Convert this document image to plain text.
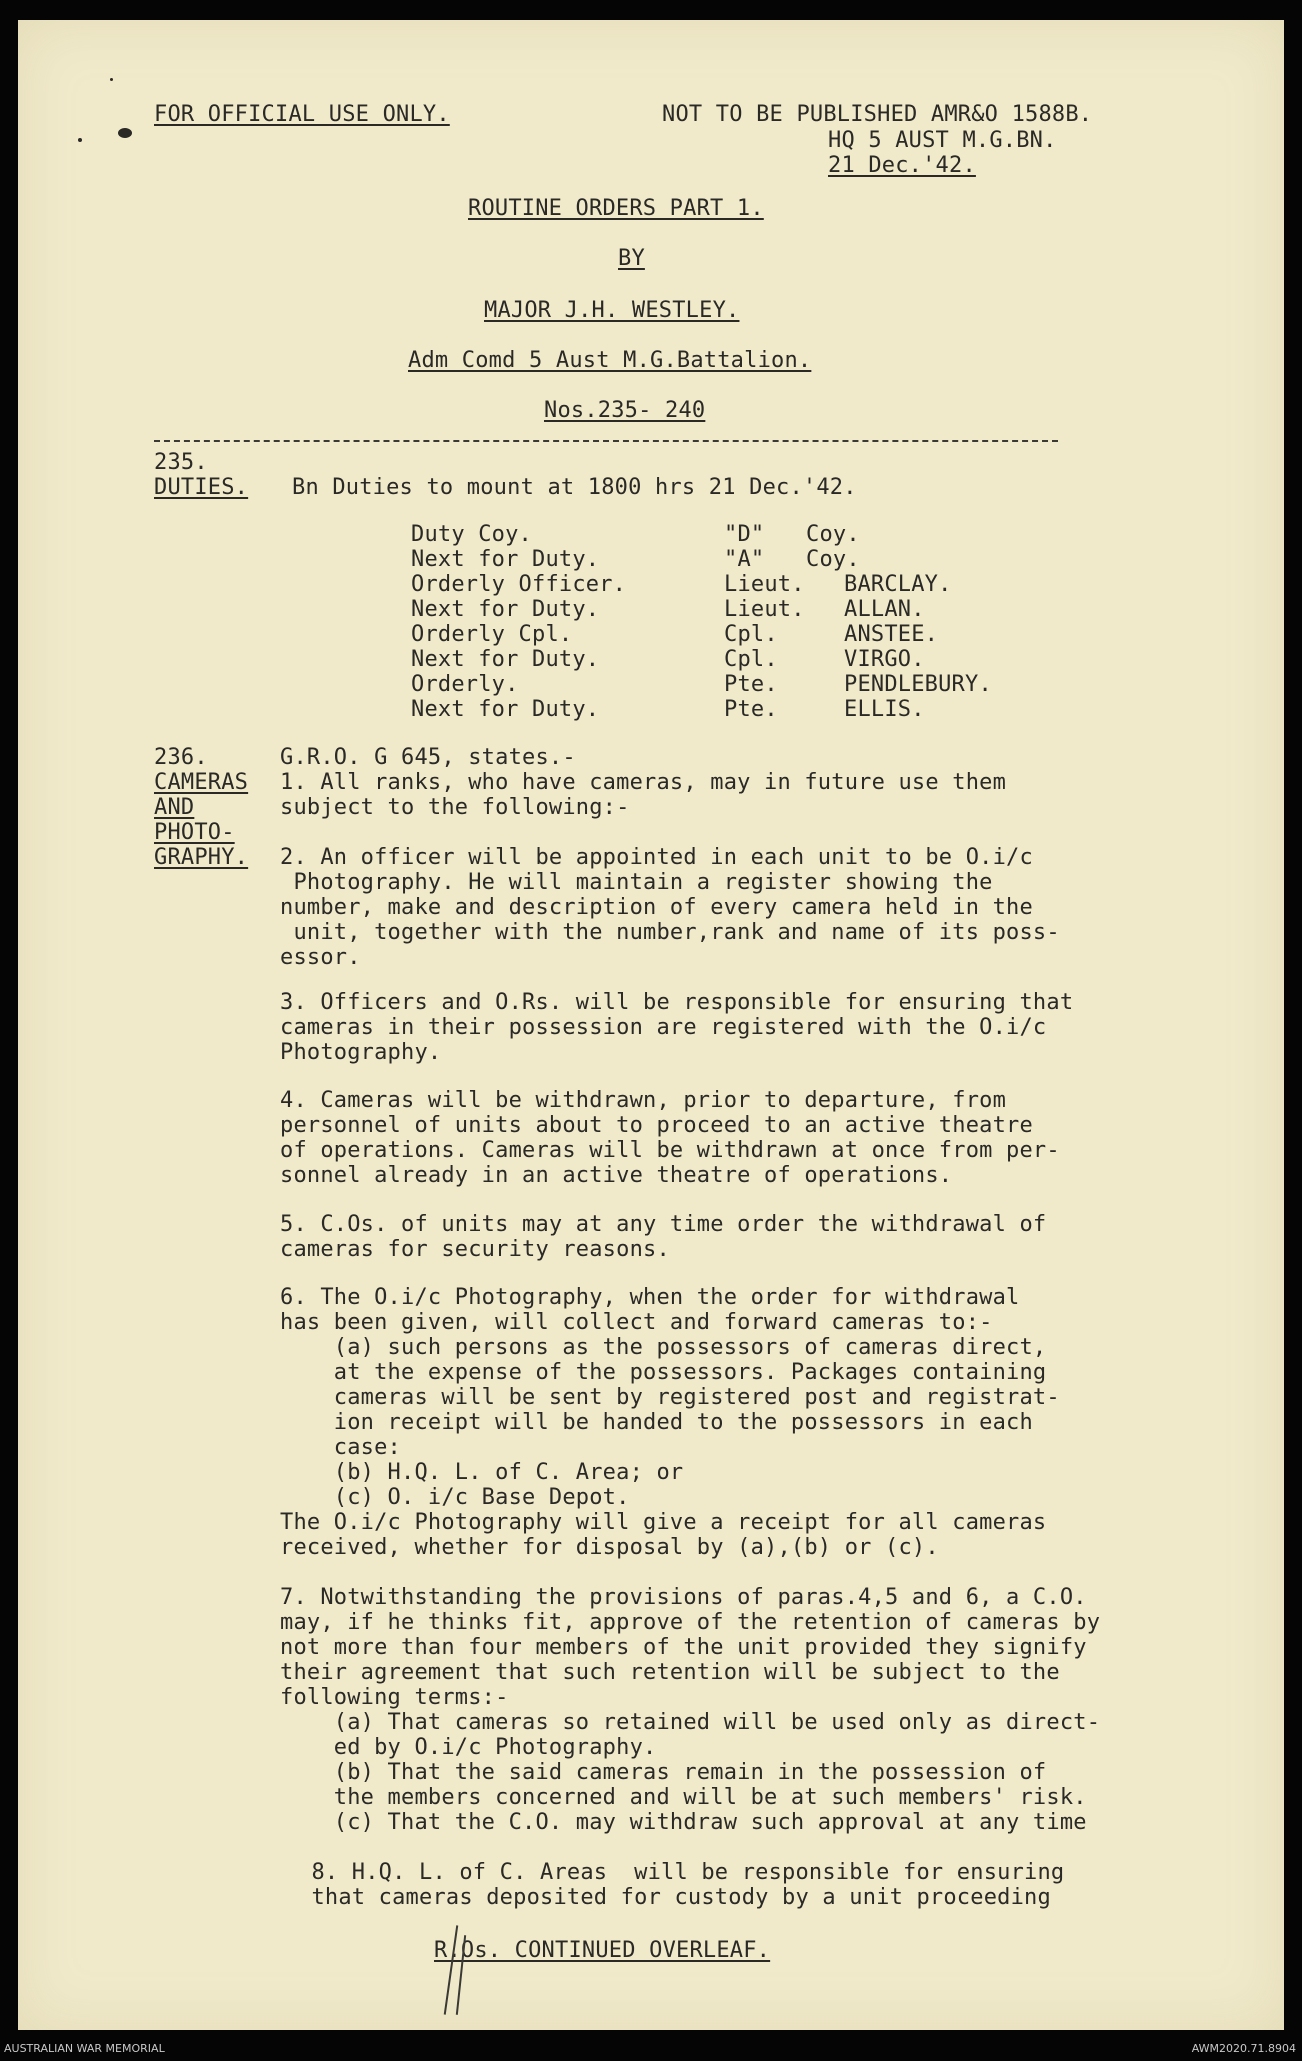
FOR OFFICIAL USE ONLY.	NOT TO BE PUBLISHED AMR&O 1588B.
HQ 5 AUST M.G.BN.
21 Dec.'42.
ROUTINE ORDERS PART 1.
BY
MAJOR J.H. WESTLEY.
Adm Comd 5 Aust M.G.Battalion.
Nos.235- 240
235.
DUTIES. Bn Duties to mount at 1800 hrs 21 Dec.'42.
Duty Coy.	"D" Coy.
Next for Duty.	"A" Coy.
Orderly Officer.	Lieut. BARCLAY.
Next for Duty.	Lieut. ALLAN.
Orderly Cpl.	Cpl.	ANSTEE.
Next for Duty.	Cpl.	VIRGO.
Orderly.	Pte.	PENDLEBURY.
Next for Duty.	Pte.	ELLIS.
236.
CAMERAS
AND
PHOTO-
GRAPHY.
G.R.O. G 645, states.-
1. All ranks, who have cameras, may in future use them
subject to the following:-
2. An officer will be appointed in each unit to be O.i/c
Photography. He will maintain a register showing the
number, make and description of every camera held in the
unit, together with the number,rank and name of its poss-
essor.
3. Officers and O.Rs. will be responsible for ensuring that
cameras in their possession are registered with the O.i/c
Photography.
4. Cameras will be withdrawn, prior to departure, from
personnel of units about to proceed to an active theatre
of operations. Cameras will be withdrawn at once from per-
sonnel already in an active theatre of operations.
5. C.Os. of units may at any time order the withdrawal of
cameras for security reasons.
6. The O.i/c Photography, when the order for withdrawal
has been given, will collect and forward cameras to:-
(a) such persons as the possessors of cameras direct,
at the expense of the possessors. Packages containing
cameras will be sent by registered post and registrat-
ion receipt will be handed to the possessors in each
case:
(b) H.Q. L. of C. Area; or
(c) O. i/c Base Depot.
The O.i/c Photography will give a receipt for all cameras
received, whether for disposal by (a),(b) or (c).
7. Notwithstanding the provisions of paras.4,5 and 6, a C.O.
may, if he thinks fit, approve of the retention of cameras by
not more than four members of the unit provided they signify
their agreement that such retention will be subject to the
following terms:-
(a) That cameras so retained will be used only as direct-
ed by O.i/c Photography.
(b) That the said cameras remain in the possession of
the members concerned and will be at such members' risk.
(c) That the C.O. may withdraw such approval at any time
8. H.Q. L. of C. Areas  will be responsible for ensuring
that cameras deposited for custody by a unit proceeding
R.Os. CONTINUED OVERLEAF.
AUSTRALIAN WAR MEMORIAL	AWM2020.71.8904
